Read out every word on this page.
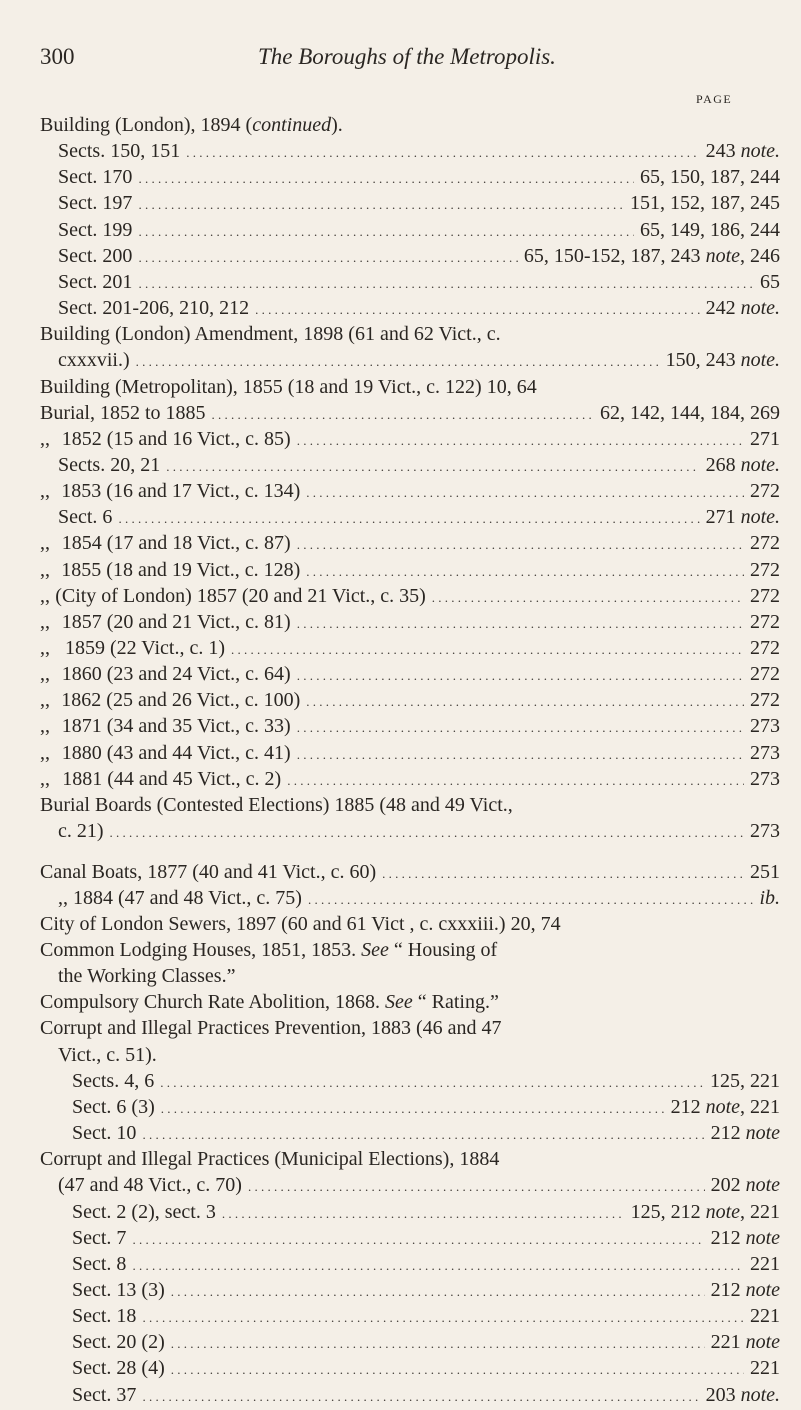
300	The Boroughs of the Metropolis.
PAGE
Building (London), 1894 (continued).
Sects. 150, 151 . . .	243 note.
Sect. 170 . . .	65, 150, 187, 244
Sect. 197 . . .	151, 152, 187, 245
Sect. 199 . . .	65, 149, 186, 244
Sect. 200 . . .	65, 150-152, 187, 243 note, 246
Sect. 201 . . .	65
Sect. 201-206, 210, 212 . . .	242 note.
Building (London) Amendment, 1898 (61 and 62 Vict., c.
cxxxvii.) . . .	150, 243 note.
Building (Metropolitan), 1855 (18 and 19 Vict., c. 122) 10, 64
Burial, 1852 to 1885 . . .	62, 142, 144, 184, 269
,, 1852 (15 and 16 Vict., c. 85) . . .	271
Sects. 20, 21 . . .	268 note.
,, 1853 (16 and 17 Vict., c. 134) . . .	272
Sect. 6 . . .	271 note.
,, 1854 (17 and 18 Vict., c. 87) . . .	272
,, 1855 (18 and 19 Vict., c. 128) . . .	272
,, (City of London) 1857 (20 and 21 Vict., c. 35) . . .	272
,, 1857 (20 and 21 Vict., c. 81) . . .	272
,, 1859 (22 Vict., c. 1) . . .	272
,, 1860 (23 and 24 Vict., c. 64) . . .	272
,, 1862 (25 and 26 Vict., c. 100) . . .	272
,, 1871 (34 and 35 Vict., c. 33) . . .	273
,, 1880 (43 and 44 Vict., c. 41) . . .	273
,, 1881 (44 and 45 Vict., c. 2) . . .	273
Burial Boards (Contested Elections) 1885 (48 and 49 Vict.,
c. 21) . . .	273
Canal Boats, 1877 (40 and 41 Vict., c. 60) . . .	251
,, 1884 (47 and 48 Vict., c. 75) . . .	ib.
City of London Sewers, 1897 (60 and 61 Vict , c. cxxxiii.) 20, 74
Common Lodging Houses, 1851, 1853. See “ Housing of
the Working Classes.”
Compulsory Church Rate Abolition, 1868. See “ Rating.”
Corrupt and Illegal Practices Prevention, 1883 (46 and 47
Vict., c. 51).
Sects. 4, 6 . . .	125, 221
Sect. 6 (3) . . .	212 note, 221
Sect. 10 . . .	212 note
Corrupt and Illegal Practices (Municipal Elections), 1884
(47 and 48 Vict., c. 70) . . .	202 note
Sect. 2 (2), sect. 3 . . .	125, 212 note, 221
Sect. 7 . . .	212 note
Sect. 8 . . .	221
Sect. 13 (3) . . .	212 note
Sect. 18 . . .	221
Sect. 20 (2) . . .	221 note
Sect. 28 (4) . . .	221
Sect. 37 . . .	203 note.
